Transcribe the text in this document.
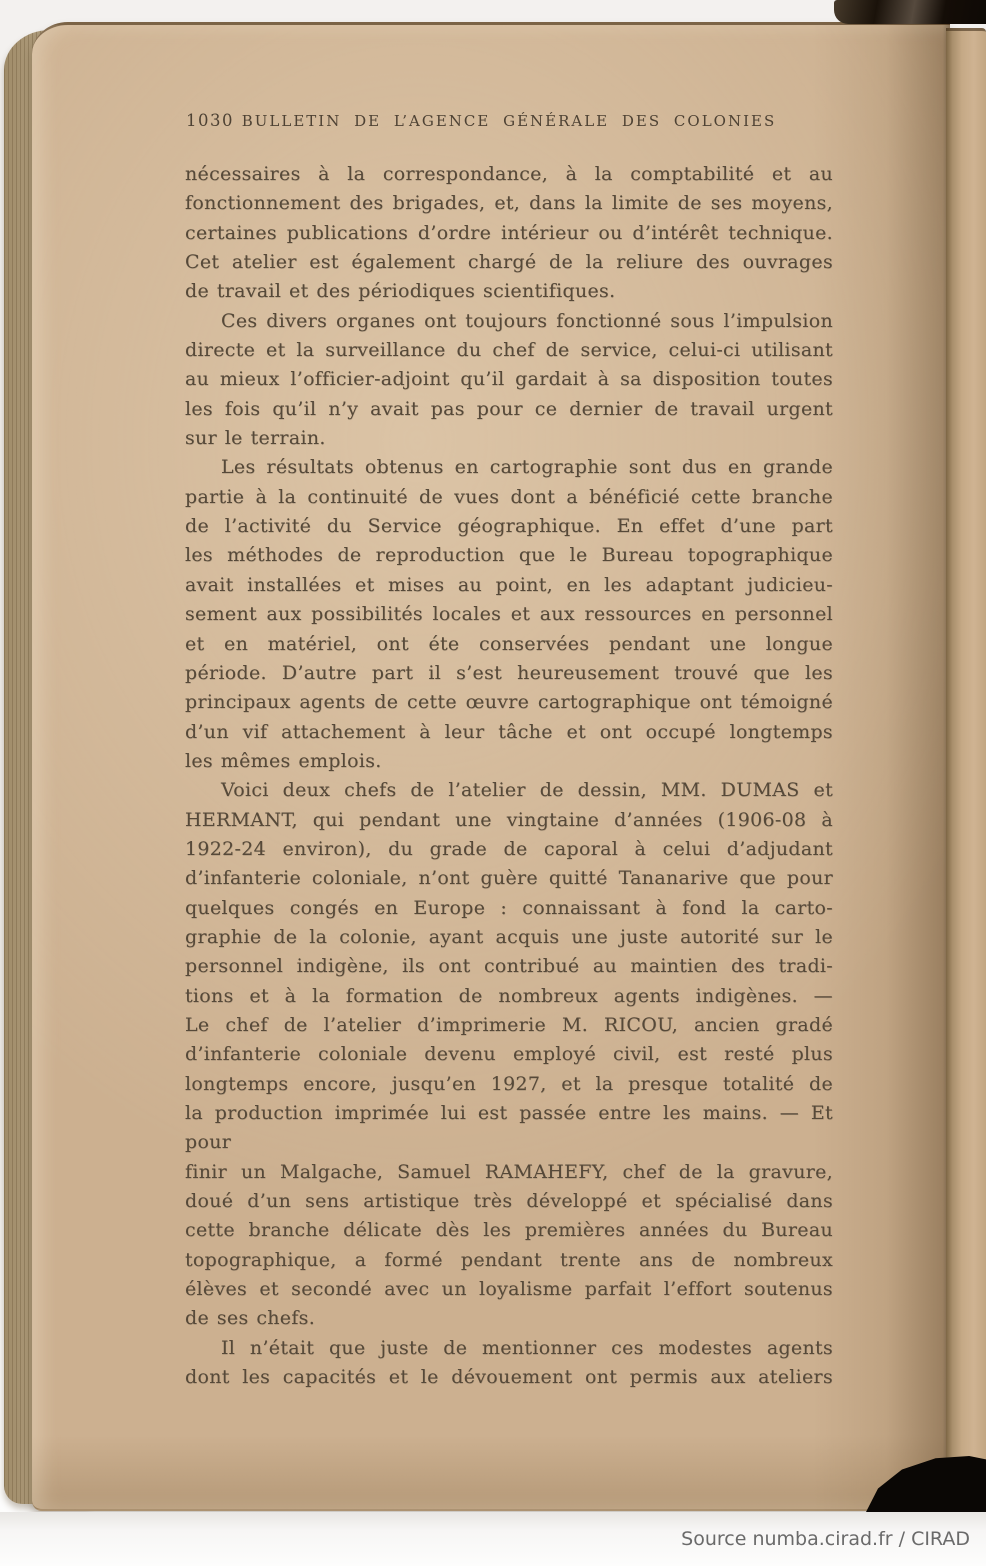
1030 BULLETIN DE L’AGENCE GÉNÉRALE DES COLONIES
nécessaires à la correspondance, à la comptabilité et au
fonctionnement des brigades, et, dans la limite de ses moyens,
certaines publications d’ordre intérieur ou d’intérêt technique.
Cet atelier est également chargé de la reliure des ouvrages
de travail et des périodiques scientifiques.
Ces divers organes ont toujours fonctionné sous l’impulsion
directe et la surveillance du chef de service, celui-ci utilisant
au mieux l’officier-adjoint qu’il gardait à sa disposition toutes
les fois qu’il n’y avait pas pour ce dernier de travail urgent
sur le terrain.
Les résultats obtenus en cartographie sont dus en grande
partie à la continuité de vues dont a bénéficié cette branche
de l’activité du Service géographique. En effet d’une part
les méthodes de reproduction que le Bureau topographique
avait installées et mises au point, en les adaptant judicieu-
sement aux possibilités locales et aux ressources en personnel
et en matériel, ont éte conservées pendant une longue
période. D’autre part il s’est heureusement trouvé que les
principaux agents de cette œuvre cartographique ont témoigné
d’un vif attachement à leur tâche et ont occupé longtemps
les mêmes emplois.
Voici deux chefs de l’atelier de dessin, MM. DUMAS et
HERMANT, qui pendant une vingtaine d’années (1906-08 à
1922-24 environ), du grade de caporal à celui d’adjudant
d’infanterie coloniale, n’ont guère quitté Tananarive que pour
quelques congés en Europe : connaissant à fond la carto-
graphie de la colonie, ayant acquis une juste autorité sur le
personnel indigène, ils ont contribué au maintien des tradi-
tions et à la formation de nombreux agents indigènes. —
Le chef de l’atelier d’imprimerie M. RICOU, ancien gradé
d’infanterie coloniale devenu employé civil, est resté plus
longtemps encore, jusqu’en 1927, et la presque totalité de
la production imprimée lui est passée entre les mains. — Et pour
finir un Malgache, Samuel RAMAHEFY, chef de la gravure,
doué d’un sens artistique très développé et spécialisé dans
cette branche délicate dès les premières années du Bureau
topographique, a formé pendant trente ans de nombreux
élèves et secondé avec un loyalisme parfait l’effort soutenus
de ses chefs.
Il n’était que juste de mentionner ces modestes agents
dont les capacités et le dévouement ont permis aux ateliers
Source numba.cirad.fr / CIRAD
